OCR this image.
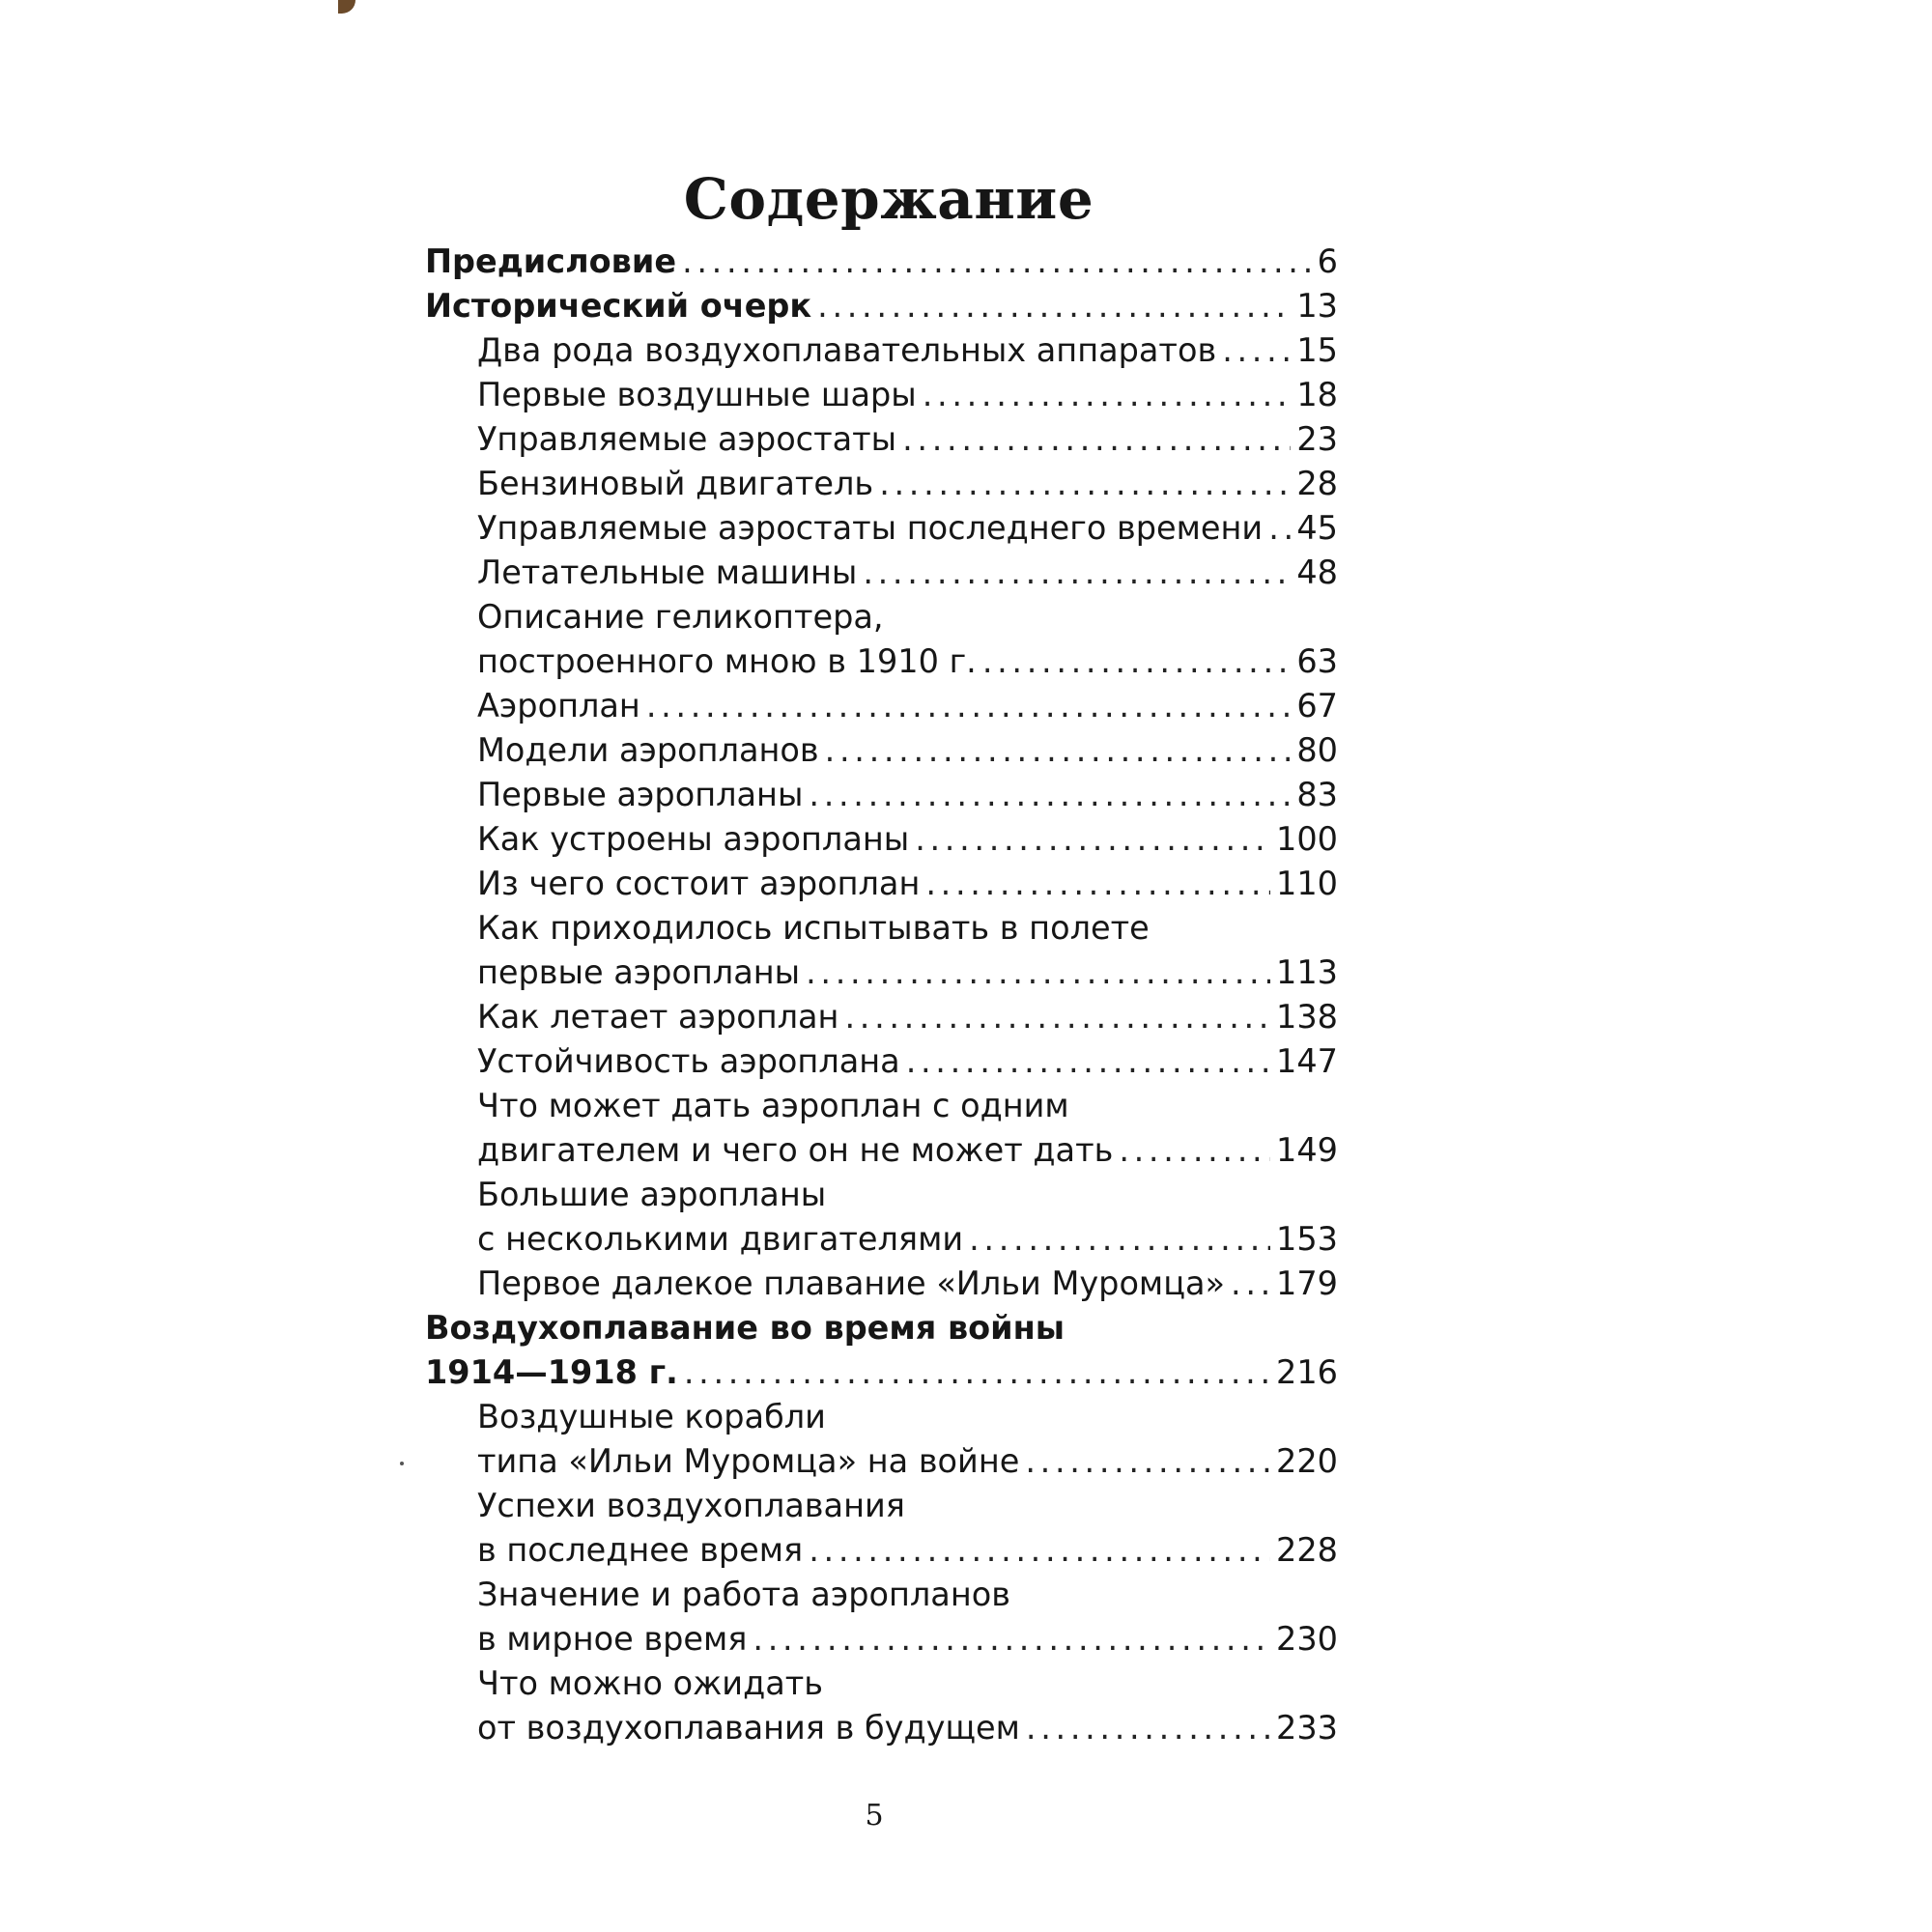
Содержание
Предисловие . . .	6
Исторический очерк . . .	13
Два рода воздухоплавательных аппаратов . . . 15
Первые воздушные шары . . .	18
Управляемые аэростаты . . .	23
Бензиновый двигатель . . .	28
Управляемые аэростаты последнего времени . . . 45
Летательные машины . . .	48
Описание геликоптера,
построенного мною в 1910 г. . . .	63
Аэроплан . . .	67
Модели аэропланов . . .	80
Первые аэропланы . . .	83
Как устроены аэропланы . . .	100
Из чего состоит аэроплан . . .	110
Как приходилось испытывать в полете
первые аэропланы . . .	113
Как летает аэроплан . . .	138
Устойчивость аэроплана . . .	147
Что может дать аэроплан с одним
двигателем и чего он не может дать . . .	149
Большие аэропланы
с несколькими двигателями . . .	153
Первое далекое плавание «Ильи Муромца» . . . 179
Воздухоплавание во время войны
1914—1918 г. . . .	216
Воздушные корабли
типа «Ильи Муромца» на войне . . .	220
Успехи воздухоплавания
в последнее время . . .	228
Значение и работа аэропланов
в мирное время . . .	230
Что можно ожидать
от воздухоплавания в будущем . . .	233
5
